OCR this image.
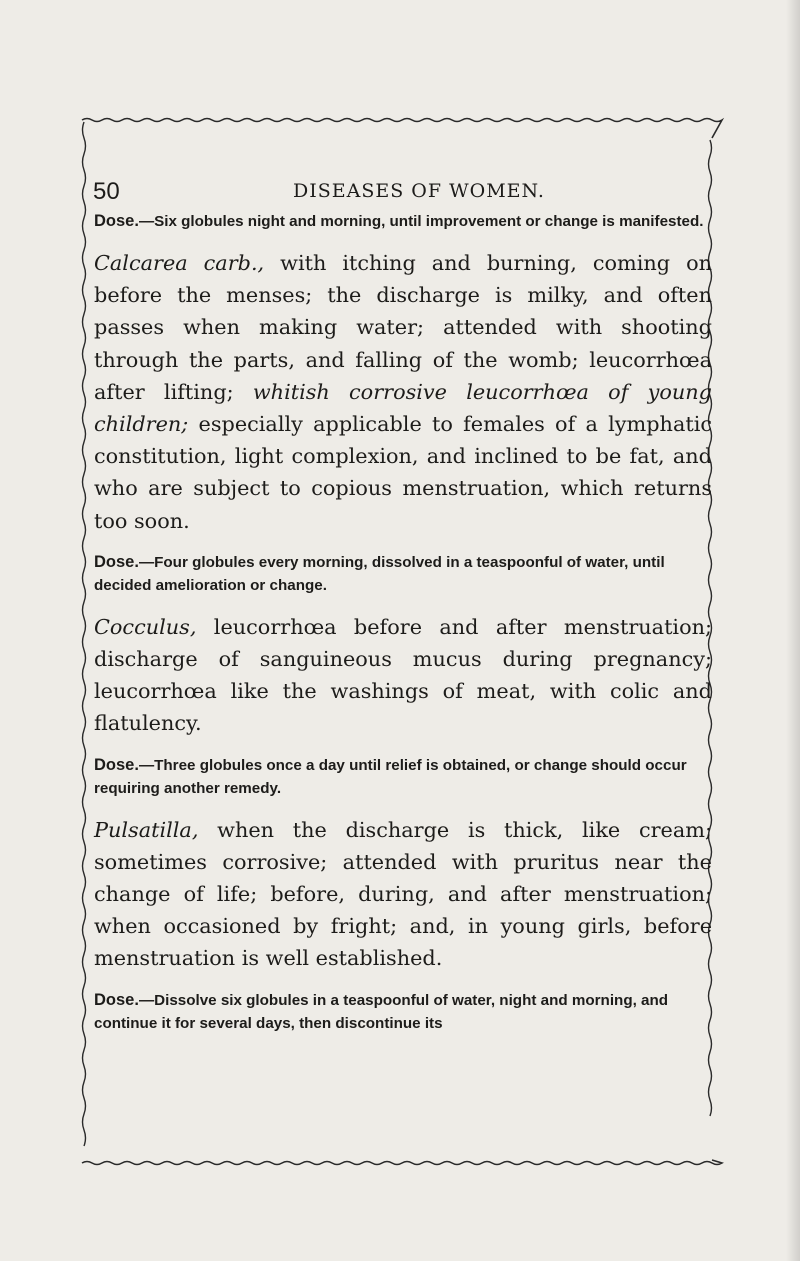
50	DISEASES OF WOMEN.

Dose.—Six globules night and morning, until improvement or change is manifested.

Calcarea carb., with itching and burning, coming on before the menses; the discharge is milky, and often passes when making water; attended with shooting through the parts, and falling of the womb; leucorrhœa after lifting; whitish corrosive leucorrhœa of young children; especially applicable to females of a lymphatic constitution, light complexion, and inclined to be fat, and who are subject to copious menstruation, which returns too soon.

Dose.—Four globules every morning, dissolved in a teaspoonful of water, until decided amelioration or change.

Cocculus, leucorrhœa before and after menstruation; discharge of sanguineous mucus during pregnancy; leucorrhœa like the washings of meat, with colic and flatulency.

Dose.—Three globules once a day until relief is obtained, or change should occur requiring another remedy.

Pulsatilla, when the discharge is thick, like cream; sometimes corrosive; attended with pruritus near the change of life; before, during, and after menstruation; when occasioned by fright; and, in young girls, before menstruation is well established.

Dose.—Dissolve six globules in a teaspoonful of water, night and morning, and continue it for several days, then discontinue its
